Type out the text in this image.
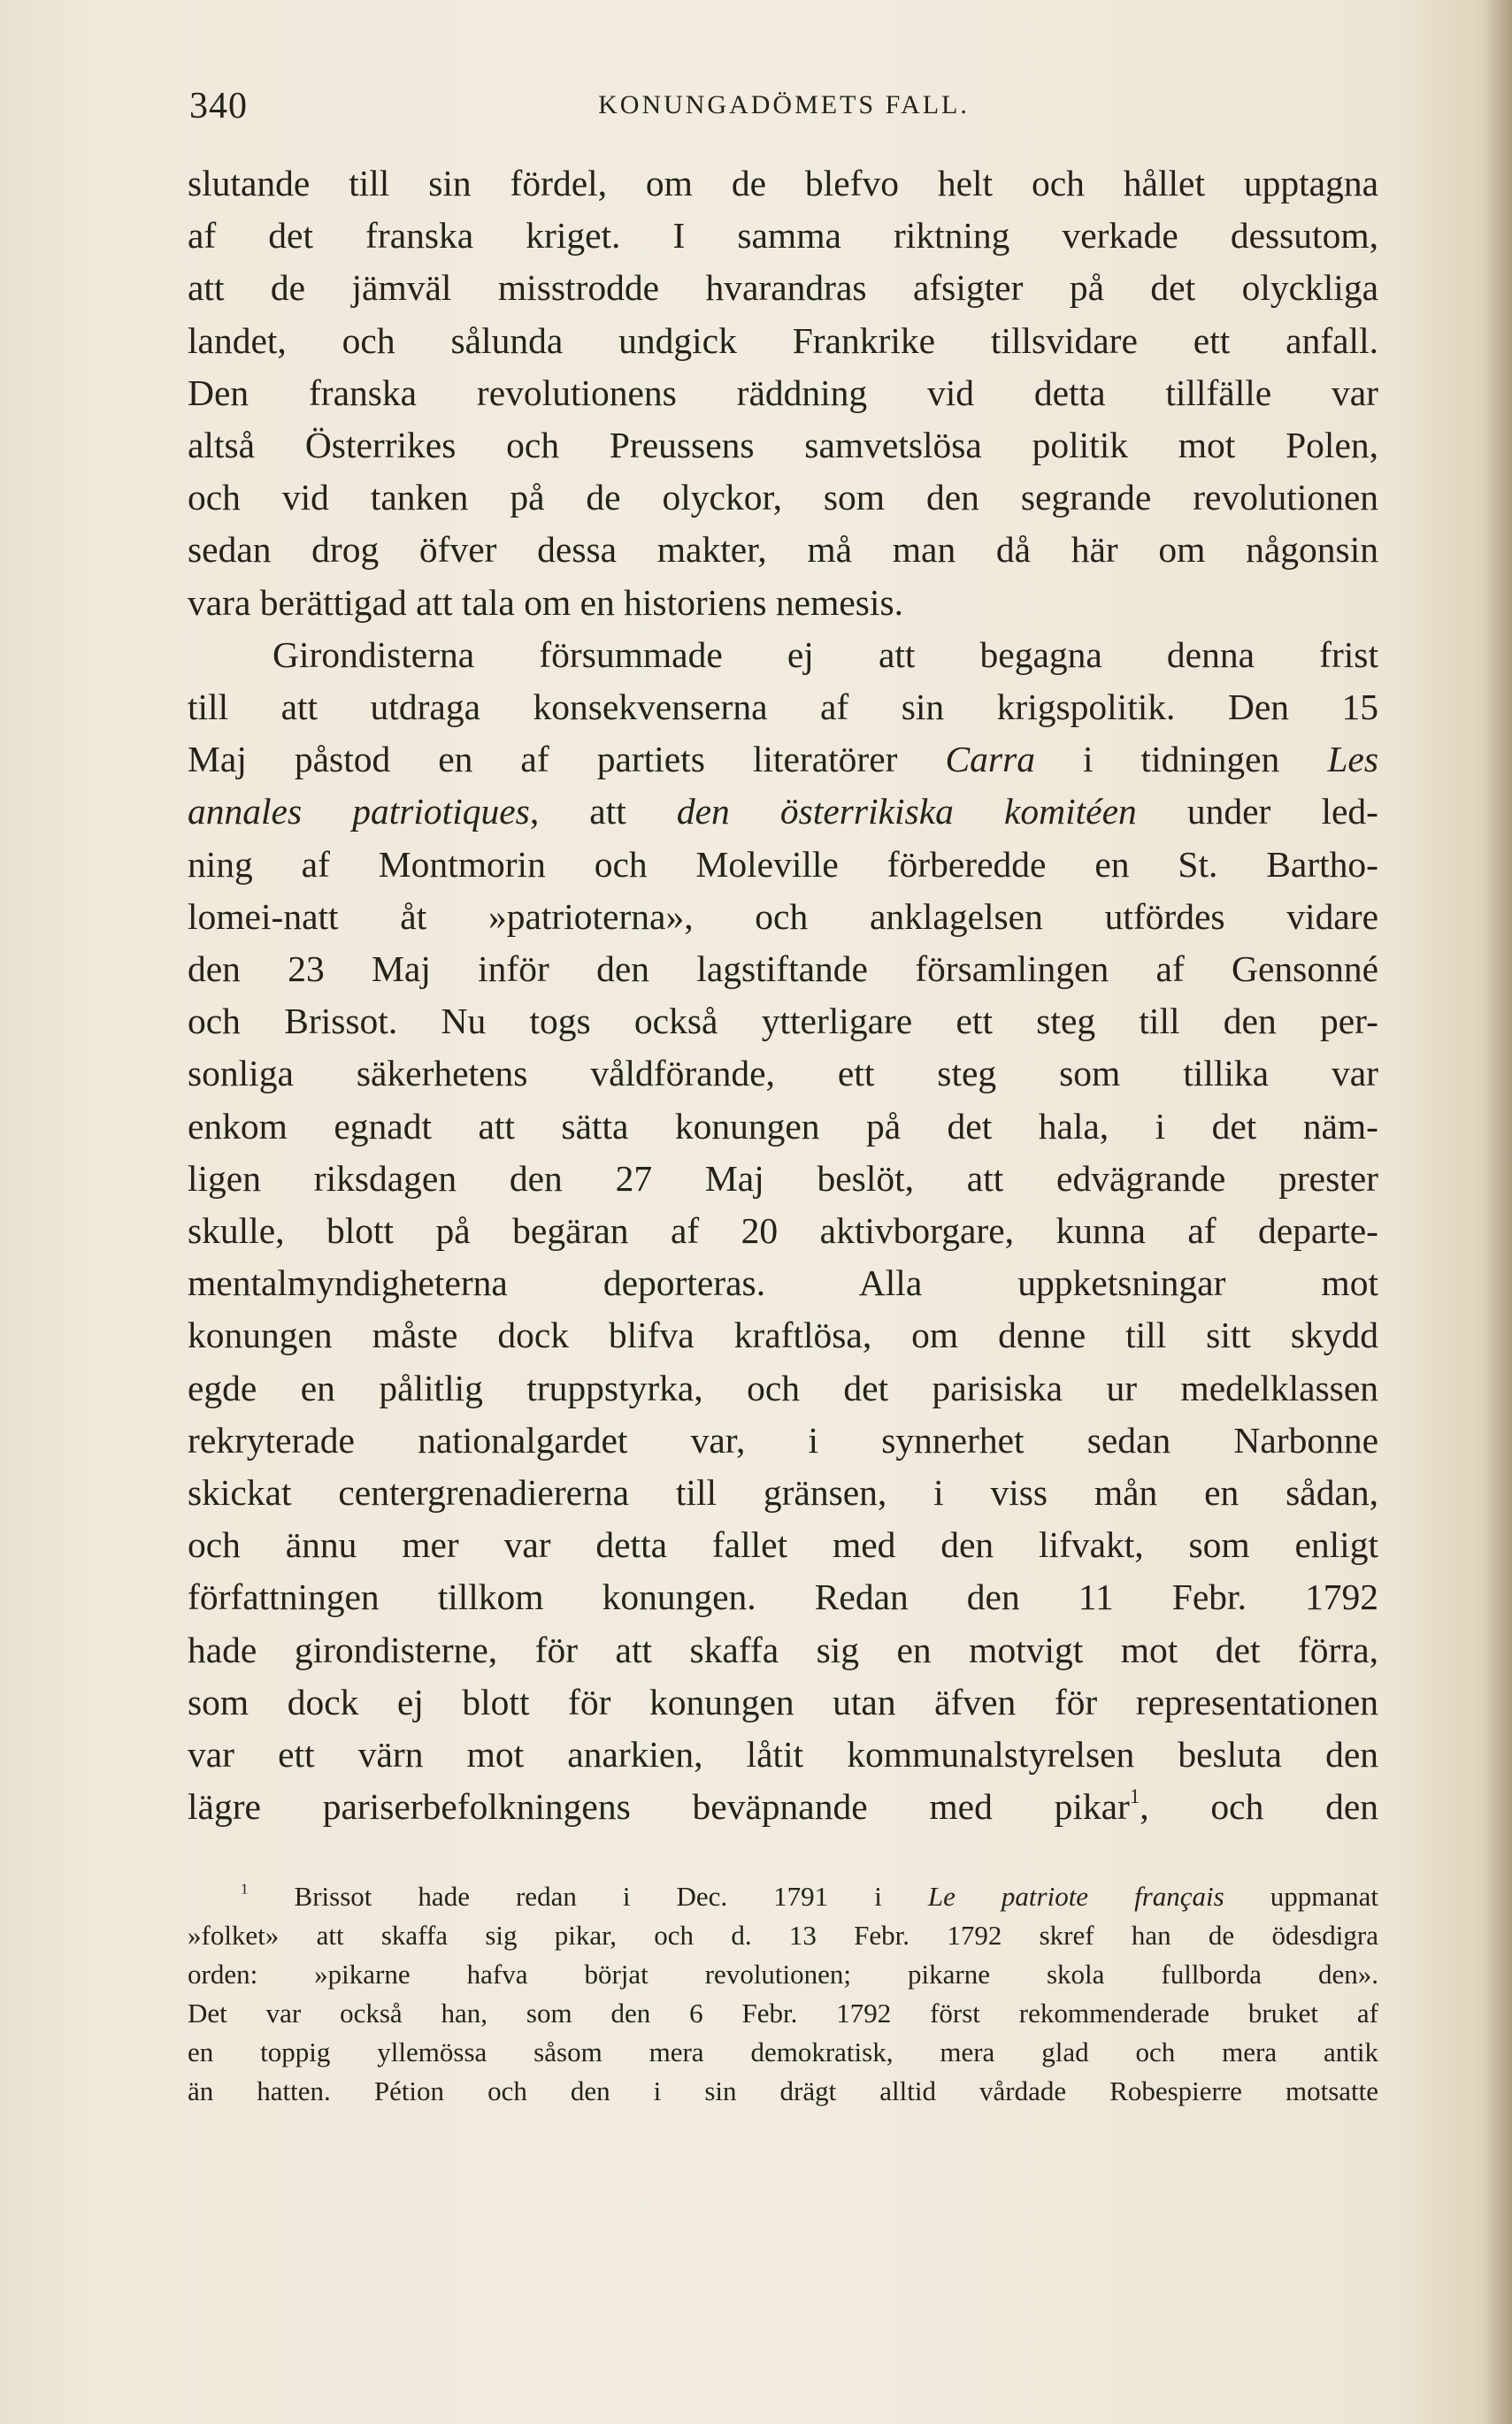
340	KONUNGADÖMETS FALL.
slutande till sin fördel, om de blefvo helt och hållet upptagna
af det franska kriget. I samma riktning verkade dessutom,
att de jämväl misstrodde hvarandras afsigter på det olyckliga
landet, och sålunda undgick Frankrike tillsvidare ett anfall.
Den franska revolutionens räddning vid detta tillfälle var
altså Österrikes och Preussens samvetslösa politik mot Polen,
och vid tanken på de olyckor, som den segrande revolutionen
sedan drog öfver dessa makter, må man då här om någonsin
vara berättigad att tala om en historiens nemesis.
Girondisterna försummade ej att begagna denna frist
till att utdraga konsekvenserna af sin krigspolitik. Den 15
Maj påstod en af partiets literatörer Carra i tidningen Les
annales patriotiques, att den österrikiska komitéen under led-
ning af Montmorin och Moleville förberedde en St. Bartho-
lomei-natt åt »patrioterna», och anklagelsen utfördes vidare
den 23 Maj inför den lagstiftande församlingen af Gensonné
och Brissot. Nu togs också ytterligare ett steg till den per-
sonliga säkerhetens våldförande, ett steg som tillika var
enkom egnadt att sätta konungen på det hala, i det näm-
ligen riksdagen den 27 Maj beslöt, att edvägrande prester
skulle, blott på begäran af 20 aktivborgare, kunna af departe-
mentalmyndigheterna deporteras. Alla uppketsningar mot
konungen måste dock blifva kraftlösa, om denne till sitt skydd
egde en pålitlig truppstyrka, och det parisiska ur medelklassen
rekryterade nationalgardet var, i synnerhet sedan Narbonne
skickat centergrenadiererna till gränsen, i viss mån en sådan,
och ännu mer var detta fallet med den lifvakt, som enligt
författningen tillkom konungen. Redan den 11 Febr. 1792
hade girondisterne, för att skaffa sig en motvigt mot det förra,
som dock ej blott för konungen utan äfven för representationen
var ett värn mot anarkien, låtit kommunalstyrelsen besluta den
lägre pariserbefolkningens beväpnande med pikar$^1$, och den
$^1$ Brissot hade redan i Dec. 1791 i Le patriote français uppmanat
»folket» att skaffa sig pikar, och d. 13 Febr. 1792 skref han de ödesdigra
orden: »pikarne hafva börjat revolutionen; pikarne skola fullborda den».
Det var också han, som den 6 Febr. 1792 först rekommenderade bruket af
en toppig yllemössa såsom mera demokratisk, mera glad och mera antik
än hatten. Pétion och den i sin drägt alltid vårdade Robespierre motsatte
